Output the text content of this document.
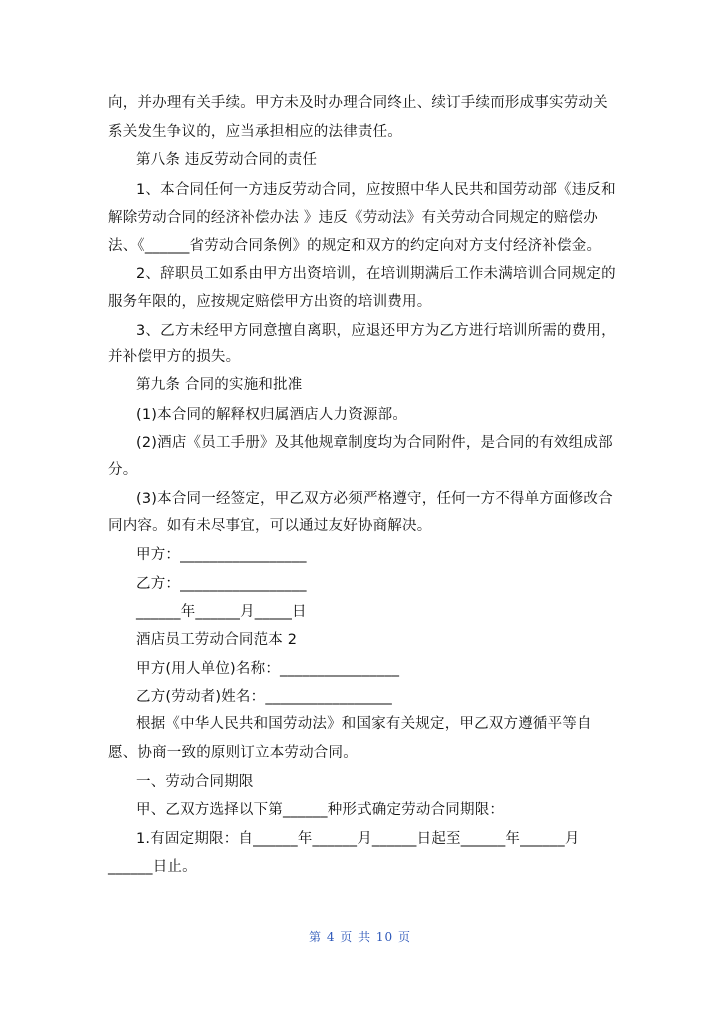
向，并办理有关手续。甲方未及时办理合同终止、续订手续而形成事实劳动关
系关发生争议的，应当承担相应的法律责任。
第八条 违反劳动合同的责任
1、本合同任何一方违反劳动合同，应按照中华人民共和国劳动部《违反和
解除劳动合同的经济补偿办法 》违反《劳动法》有关劳动合同规定的赔偿办
法、《______省劳动合同条例》的规定和双方的约定向对方支付经济补偿金。
2、辞职员工如系由甲方出资培训，在培训期满后工作未满培训合同规定的
服务年限的，应按规定赔偿甲方出资的培训费用。
3、乙方未经甲方同意擅自离职，应退还甲方为乙方进行培训所需的费用，
并补偿甲方的损失。
第九条 合同的实施和批准
(1)本合同的解释权归属酒店人力资源部。
(2)酒店《员工手册》及其他规章制度均为合同附件，是合同的有效组成部
分。
(3)本合同一经签定，甲乙双方必须严格遵守，任何一方不得单方面修改合
同内容。如有未尽事宜，可以通过友好协商解决。
甲方：_________________
乙方：_________________
______年______月_____日
酒店员工劳动合同范本 2
甲方(用人单位)名称：________________
乙方(劳动者)姓名：_________________
根据《中华人民共和国劳动法》和国家有关规定，甲乙双方遵循平等自
愿、协商一致的原则订立本劳动合同。
一、劳动合同期限
甲、乙双方选择以下第______种形式确定劳动合同期限：
1.有固定期限：自______年______月______日起至______年______月
______日止。
第 4 页 共 10 页
